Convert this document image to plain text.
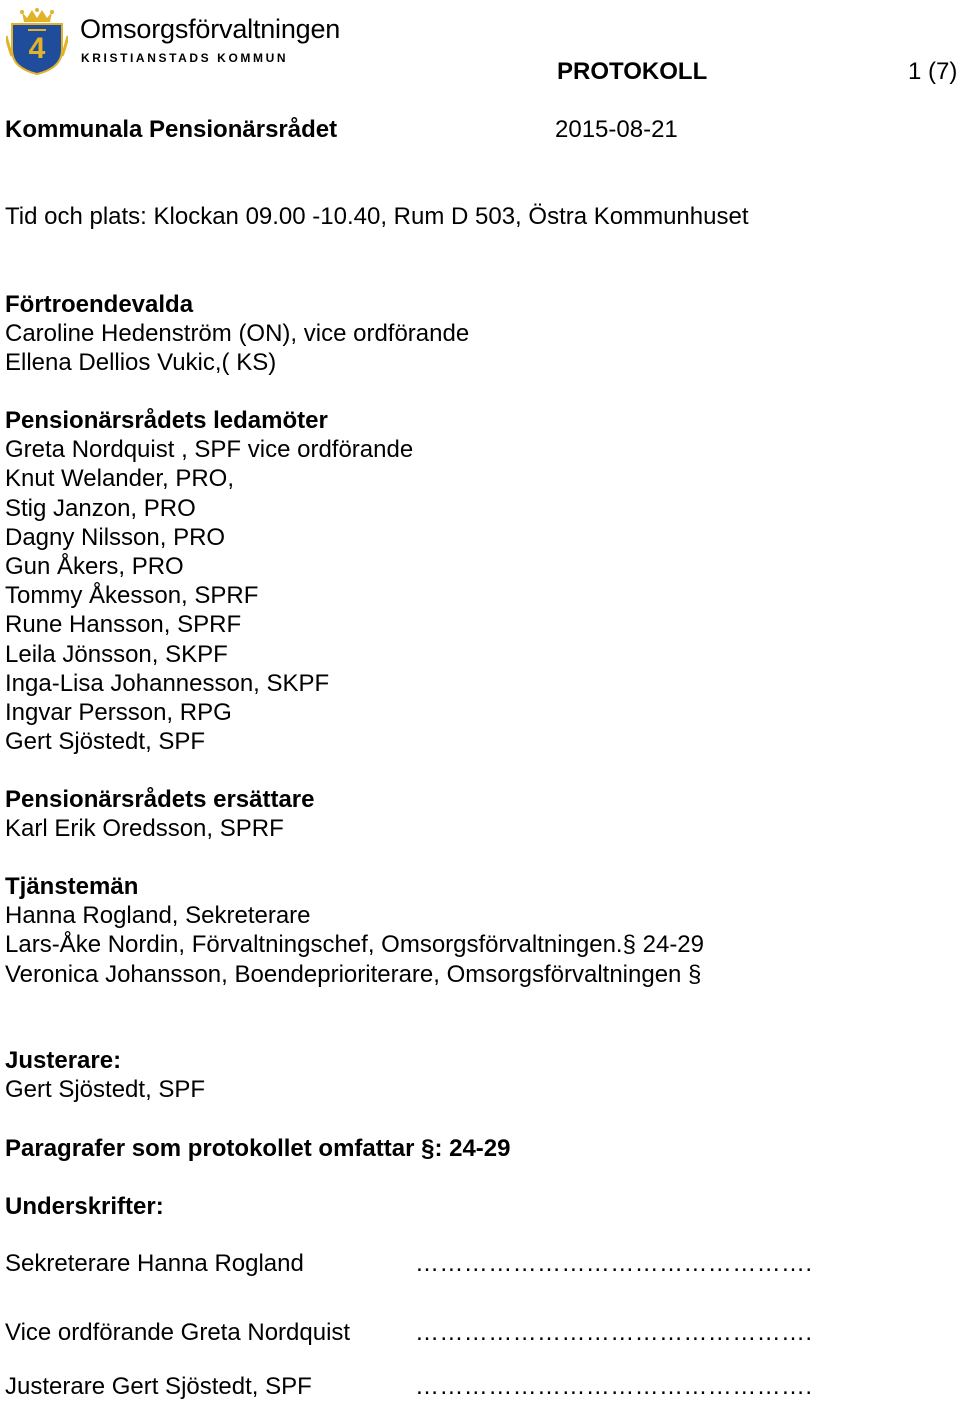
4
Omsorgsförvaltningen
KRISTIANSTADS KOMMUN	PROTOKOLL	1 (7)
Kommunala Pensionärsrådet	2015-08-21
Tid och plats: Klockan 09.00 -10.40, Rum D 503, Östra Kommunhuset
Förtroendevalda
Caroline Hedenström (ON), vice ordförande
Ellena Dellios Vukic,( KS)
Pensionärsrådets ledamöter
Greta Nordquist , SPF vice ordförande
Knut Welander, PRO,
Stig Janzon, PRO
Dagny Nilsson, PRO
Gun Åkers, PRO
Tommy Åkesson, SPRF
Rune Hansson, SPRF
Leila Jönsson, SKPF
Inga-Lisa Johannesson, SKPF
Ingvar Persson, RPG
Gert Sjöstedt, SPF
Pensionärsrådets ersättare
Karl Erik Oredsson, SPRF
Tjänstemän
Hanna Rogland, Sekreterare
Lars-Åke Nordin, Förvaltningschef, Omsorgsförvaltningen.§ 24-29
Veronica Johansson, Boendeprioriterare, Omsorgsförvaltningen §
Justerare:
Gert Sjöstedt, SPF
Paragrafer som protokollet omfattar §: 24-29
Underskrifter:
Sekreterare Hanna Rogland	………………………………………….
Vice ordförande Greta Nordquist	………………………………………….
Justerare Gert Sjöstedt, SPF	………………………………………….
